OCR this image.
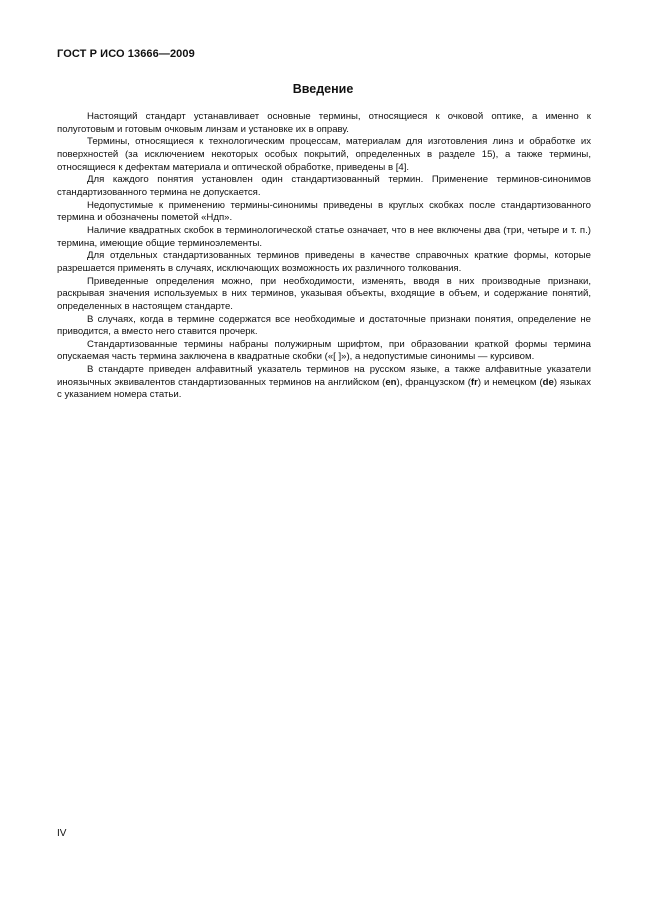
ГОСТ Р ИСО 13666—2009
Введение

Настоящий стандарт устанавливает основные термины, относящиеся к очковой оптике, а именно к полуготовым и готовым очковым линзам и установке их в оправу.

Термины, относящиеся к технологическим процессам, материалам для изготовления линз и обработке их поверхностей (за исключением некоторых особых покрытий, определенных в разделе 15), а также термины, относящиеся к дефектам материала и оптической обработке, приведены в [4].

Для каждого понятия установлен один стандартизованный термин. Применение терминов-синонимов стандартизованного термина не допускается.

Недопустимые к применению термины-синонимы приведены в круглых скобках после стандартизованного термина и обозначены пометой «Ндп».

Наличие квадратных скобок в терминологической статье означает, что в нее включены два (три, четыре и т. п.) термина, имеющие общие терминоэлементы.

Для отдельных стандартизованных терминов приведены в качестве справочных краткие формы, которые разрешается применять в случаях, исключающих возможность их различного толкования.

Приведенные определения можно, при необходимости, изменять, вводя в них производные признаки, раскрывая значения используемых в них терминов, указывая объекты, входящие в объем, и содержание понятий, определенных в настоящем стандарте.

В случаях, когда в термине содержатся все необходимые и достаточные признаки понятия, определение не приводится, а вместо него ставится прочерк.

Стандартизованные термины набраны полужирным шрифтом, при образовании краткой формы термина опускаемая часть термина заключена в квадратные скобки («[ ]»), а недопустимые синонимы — курсивом.

В стандарте приведен алфавитный указатель терминов на русском языке, а также алфавитные указатели иноязычных эквивалентов стандартизованных терминов на английском (en), французском (fr) и немецком (de) языках с указанием номера статьи.

IV
